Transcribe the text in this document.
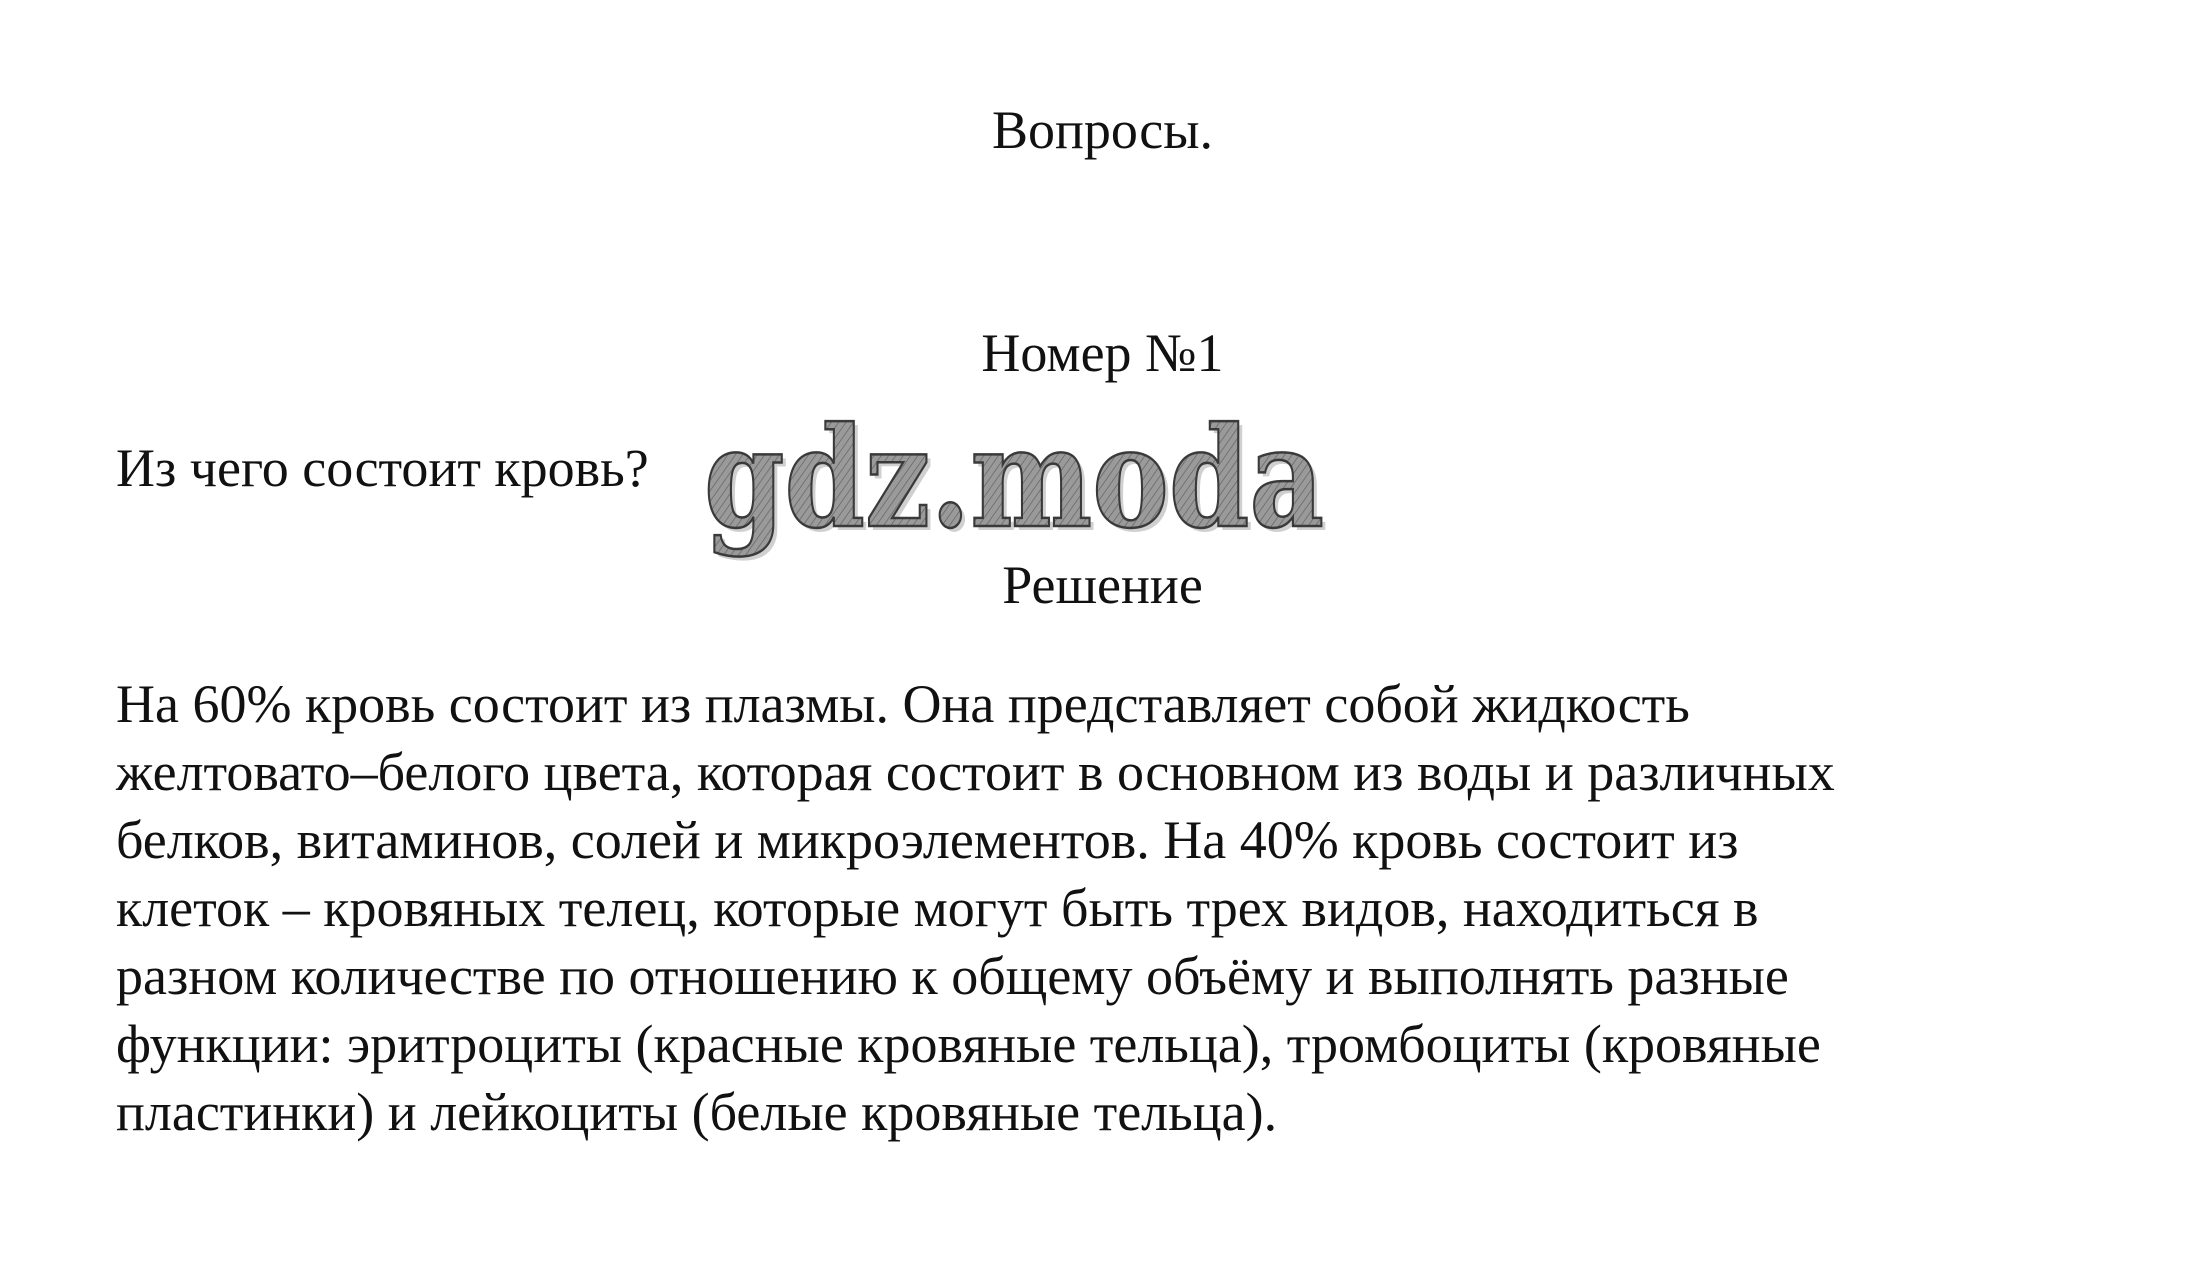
Вопросы.
Номер №1
Из чего состоит кровь?
Решение
На 60% кровь состоит из плазмы. Она представляет собой жидкость
желтовато–белого цвета, которая состоит в основном из воды и различных
белков, витаминов, солей и микроэлементов. На 40% кровь состоит из
клеток – кровяных телец, которые могут быть трех видов, находиться в
разном количестве по отношению к общему объёму и выполнять разные
функции: эритроциты (красные кровяные тельца), тромбоциты (кровяные
пластинки) и лейкоциты (белые кровяные тельца).
gdz.moda
gdz.moda
gdz.moda
